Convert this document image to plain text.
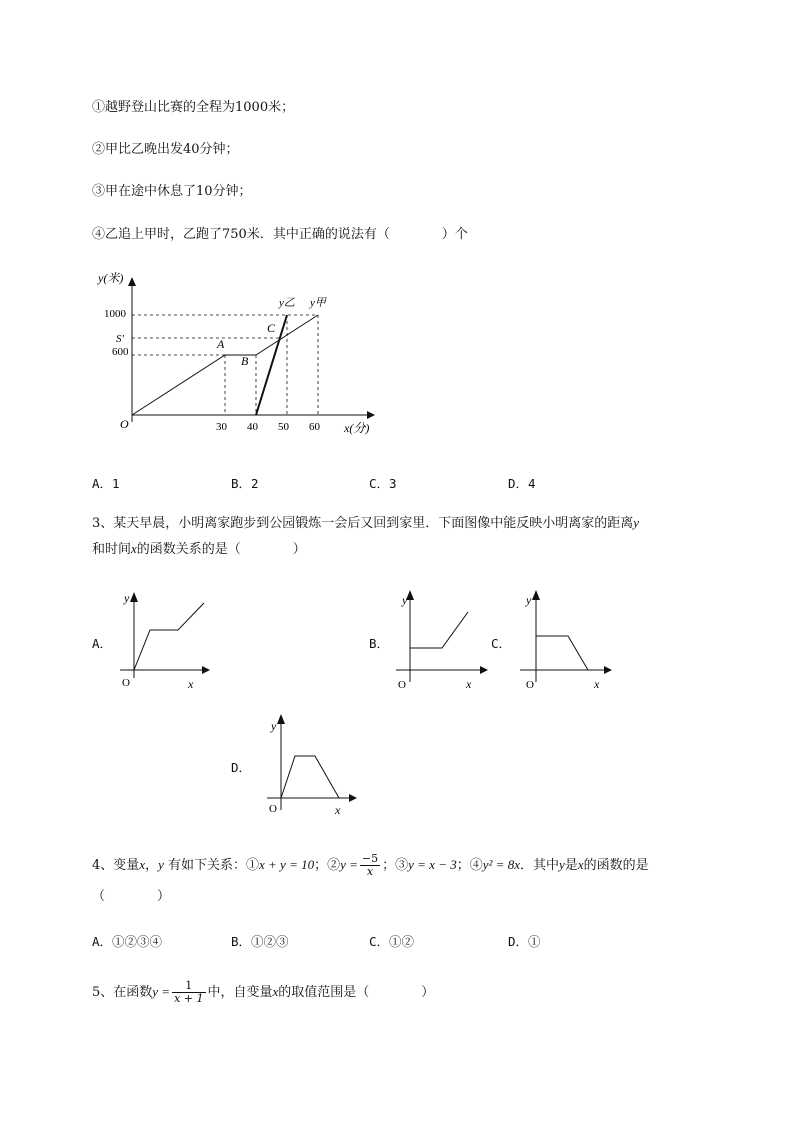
①越野登山比赛的全程为1000米；
②甲比乙晚出发40分钟；
③甲在途中休息了10分钟；
④乙追上甲时，乙跑了750米．其中正确的说法有（　　　　）个
y(米)
x(分)
1000
S'
600
30 40 50 60
O
A
B
C
y乙 y甲
A．1	B．2	C．3	D．4
3、某天早晨，小明离家跑步到公园锻炼一会后又回到家里．下面图像中能反映小明离家的距离y
和时间x的函数关系的是（　　　　）
A．
y
x
O
B．
y
x
O
C．
y
x
O
D．
y
x
O
4、变量x，y 有如下关系：①x + y = 10；②y = $\frac{-5}{x}$ ；③y = x − 3；④y² = 8x．其中y是x的函数的是
（　　　　）
A．①②③④	B．①②③	C．①②	D．①
5、在函数$y = \frac{1}{x + 1}$ 中，自变量x的取值范围是（　　　　）
